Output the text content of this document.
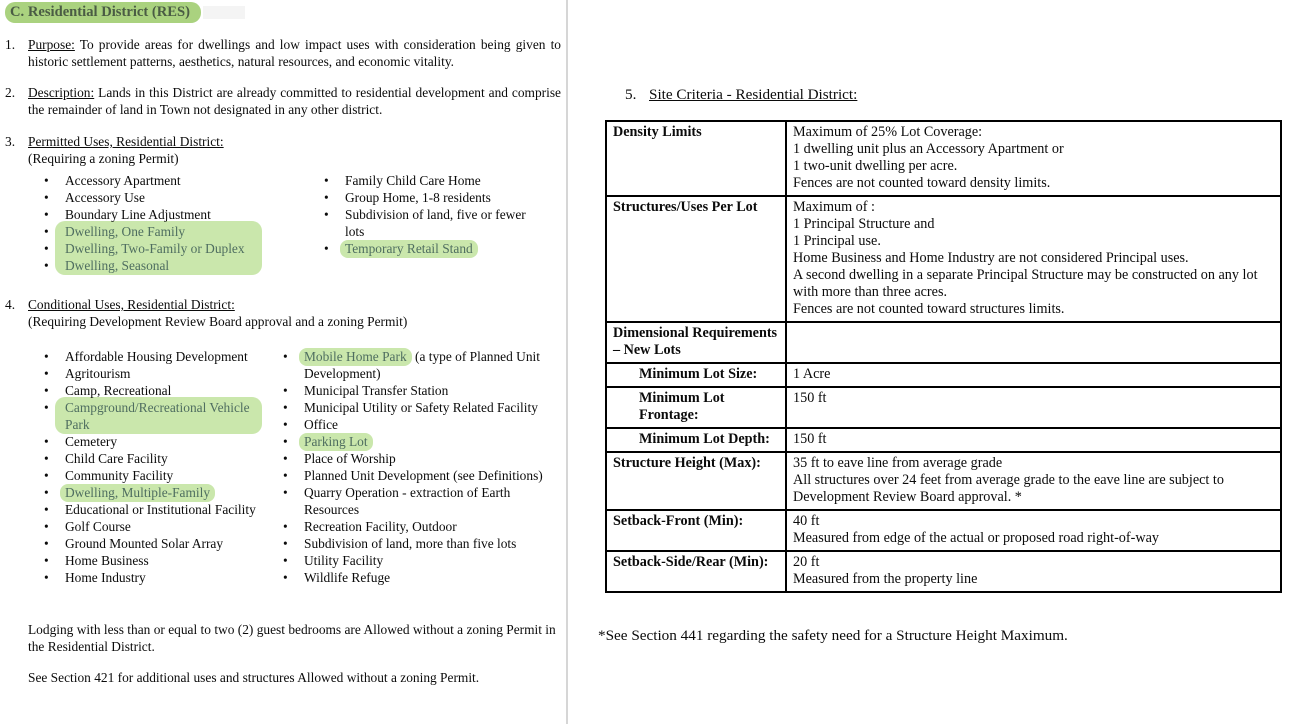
C. Residential District (RES)
1. Purpose: To provide areas for dwellings and low impact uses with consideration being given to historic settlement patterns, aesthetics, natural resources, and economic vitality.
2. Description: Lands in this District are already committed to residential development and comprise the remainder of land in Town not designated in any other district.
3. Permitted Uses, Residential District:
(Requiring a zoning Permit)
• Accessory Apartment
• Accessory Use
• Boundary Line Adjustment
• Dwelling, One Family
• Dwelling, Two-Family or Duplex
• Dwelling, Seasonal
• Family Child Care Home
• Group Home, 1-8 residents
• Subdivision of land, five or fewer lots
• Temporary Retail Stand
4. Conditional Uses, Residential District:
(Requiring Development Review Board approval and a zoning Permit)
• Affordable Housing Development
• Agritourism
• Camp, Recreational
• Campground/Recreational Vehicle Park
• Cemetery
• Child Care Facility
• Community Facility
• Dwelling, Multiple-Family
• Educational or Institutional Facility
• Golf Course
• Ground Mounted Solar Array
• Home Business
• Home Industry
• Mobile Home Park (a type of Planned Unit Development)
• Municipal Transfer Station
• Municipal Utility or Safety Related Facility
• Office
• Parking Lot
• Place of Worship
• Planned Unit Development (see Definitions)
• Quarry Operation - extraction of Earth Resources
• Recreation Facility, Outdoor
• Subdivision of land, more than five lots
• Utility Facility
• Wildlife Refuge
Lodging with less than or equal to two (2) guest bedrooms are Allowed without a zoning Permit in the Residential District.
See Section 421 for additional uses and structures Allowed without a zoning Permit.
5. Site Criteria - Residential District:
Density Limits	Maximum of 25% Lot Coverage:
1 dwelling unit plus an Accessory Apartment or
1 two-unit dwelling per acre.
Fences are not counted toward density limits.

Structures/Uses Per Lot	Maximum of :
1 Principal Structure and
1 Principal use.
Home Business and Home Industry are not considered Principal uses.
A second dwelling in a separate Principal Structure may be constructed on any lot with more than three acres.
Fences are not counted toward structures limits.

Dimensional Requirements – New Lots	
Minimum Lot Size:	1 Acre

Minimum Lot Frontage:	150 ft

Minimum Lot Depth:	150 ft

Structure Height (Max):	35 ft to eave line from average grade
All structures over 24 feet from average grade to the eave line are subject to Development Review Board approval. *

Setback-Front (Min):	40 ft
Measured from edge of the actual or proposed road right-of-way

Setback-Side/Rear (Min):	20 ft
Measured from the property line
*See Section 441 regarding the safety need for a Structure Height Maximum.
